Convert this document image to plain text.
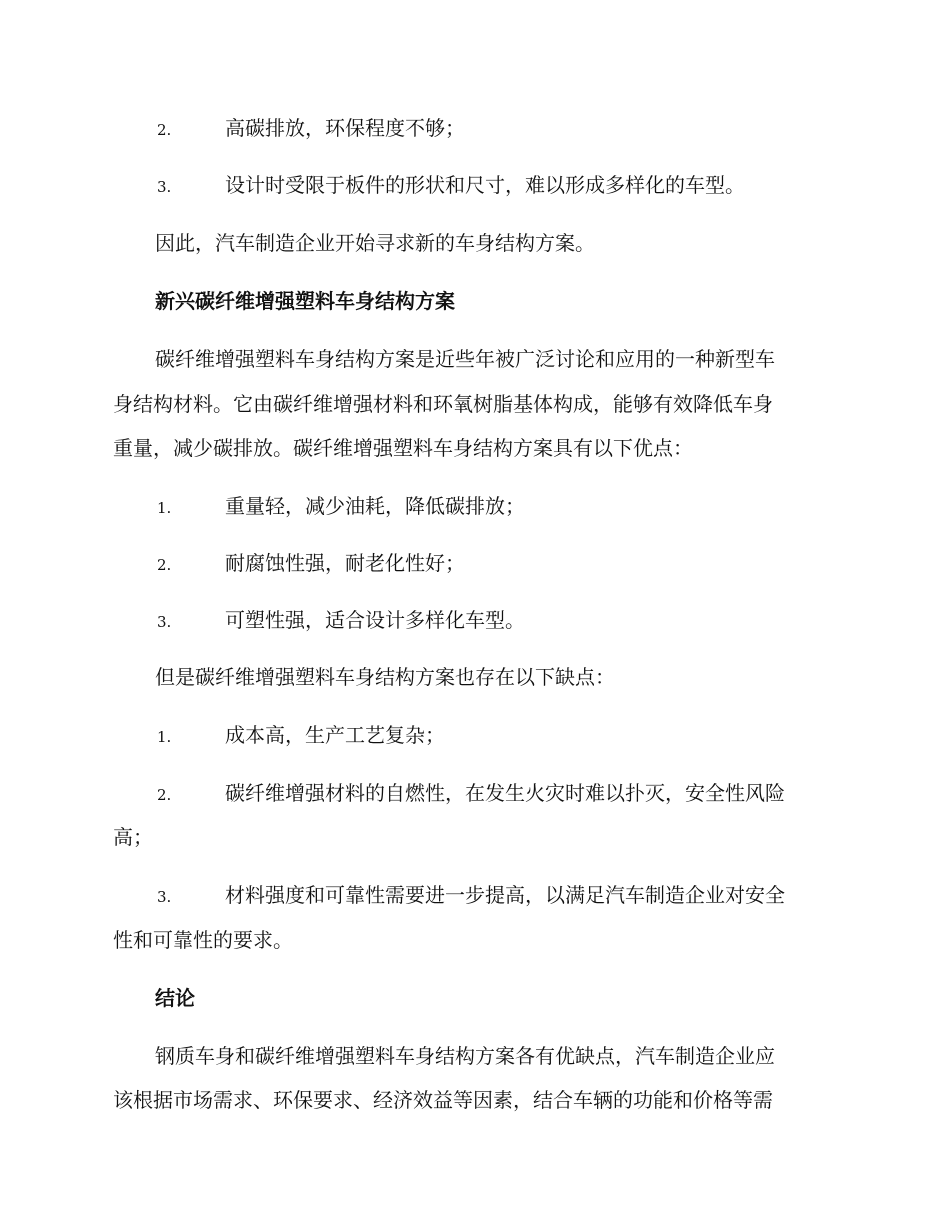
2.	高碳排放，环保程度不够；
3.	设计时受限于板件的形状和尺寸，难以形成多样化的车型。
因此，汽车制造企业开始寻求新的车身结构方案。
新兴碳纤维增强塑料车身结构方案
碳纤维增强塑料车身结构方案是近些年被广泛讨论和应用的一种新型车
身结构材料。它由碳纤维增强材料和环氧树脂基体构成，能够有效降低车身
重量，减少碳排放。碳纤维增强塑料车身结构方案具有以下优点：
1.	重量轻，减少油耗，降低碳排放；
2.	耐腐蚀性强，耐老化性好；
3.	可塑性强，适合设计多样化车型。
但是碳纤维增强塑料车身结构方案也存在以下缺点：
1.	成本高，生产工艺复杂；
2.	碳纤维增强材料的自燃性，在发生火灾时难以扑灭，安全性风险
高；
3.	材料强度和可靠性需要进一步提高，以满足汽车制造企业对安全
性和可靠性的要求。
结论
钢质车身和碳纤维增强塑料车身结构方案各有优缺点，汽车制造企业应
该根据市场需求、环保要求、经济效益等因素，结合车辆的功能和价格等需
